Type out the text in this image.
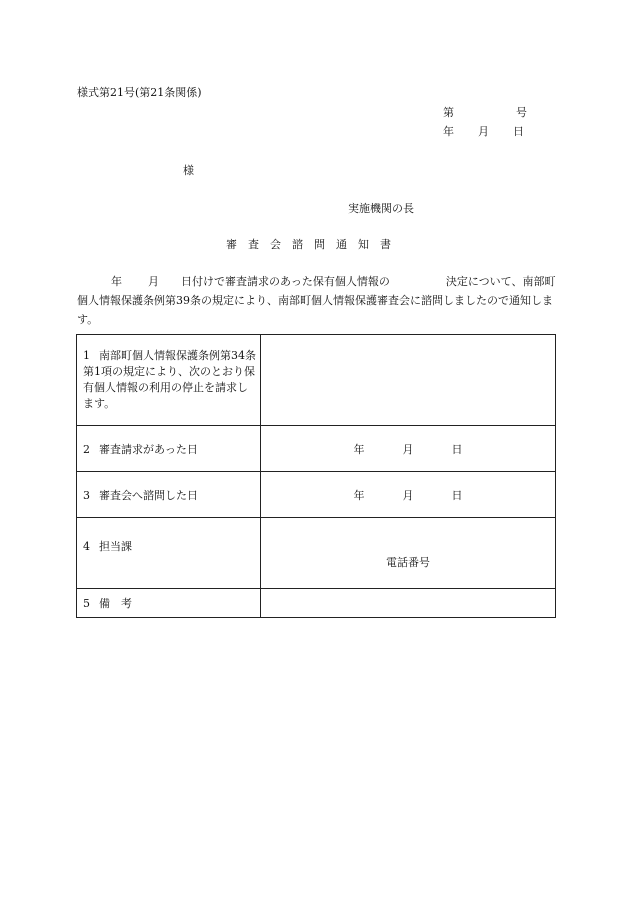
様式第21号(第21条関係)
第	号
年 月 日
様
実施機関の長
審査会諮問通知書

年 月 日付けで審査請求のあった保有個人情報の	決定について、南部町個人情報保護条例第39条の規定により、南部町個人情報保護審査会に諮問しましたので通知します。

1 南部町個人情報保護条例第34条第1項の規定により、次のとおり保有個人情報の利用の停止を請求します。	

2 審査請求があった日	年 月 日
3 審査会へ諮問した日	年 月 日
4 担当課	電話番号

5 備　考	
